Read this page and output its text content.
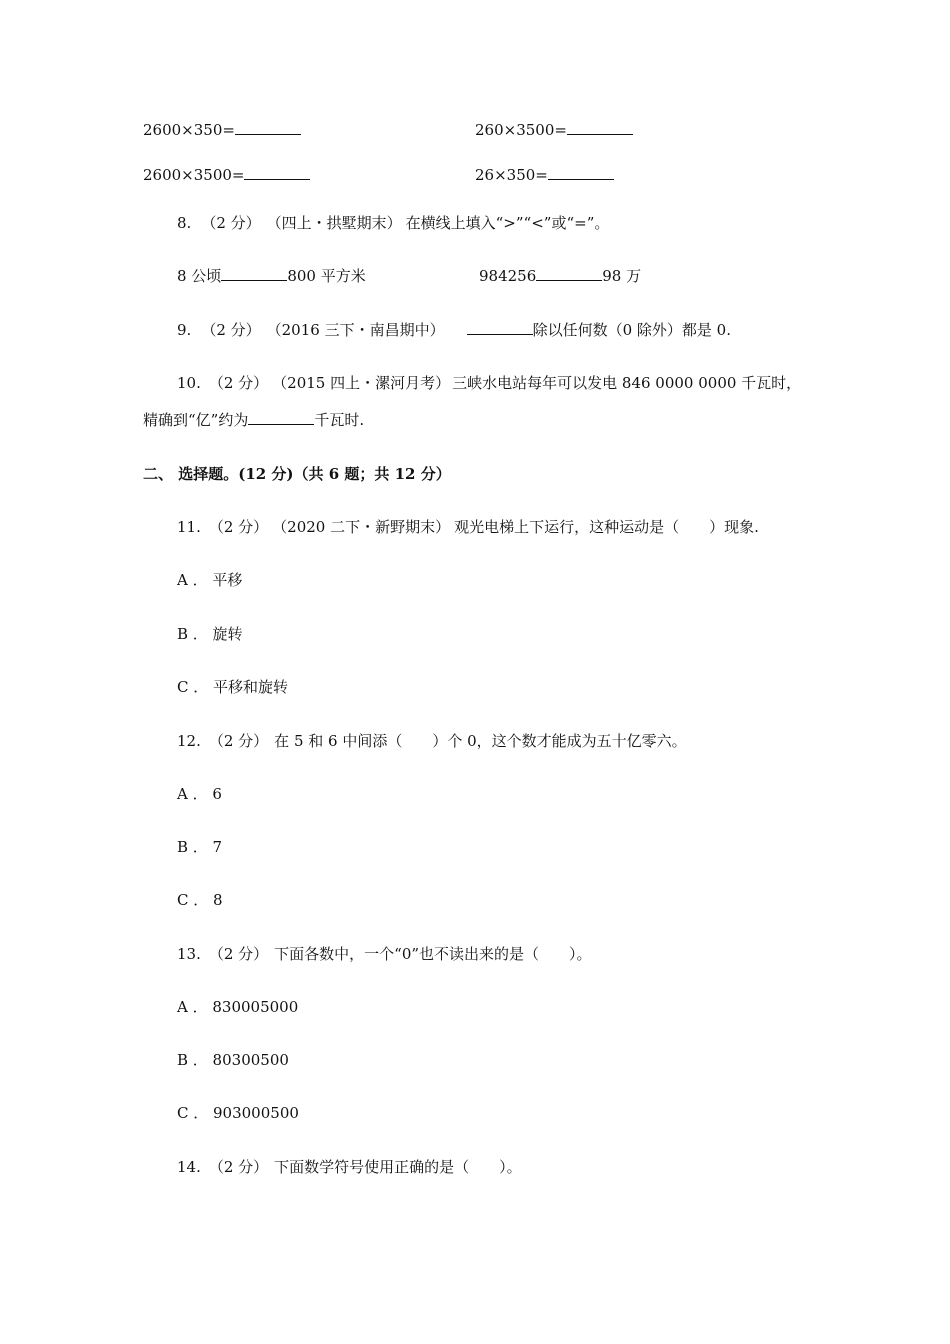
2600×350=	260×3500=
2600×3500=	26×350=
8. （2 分） （四上・拱墅期末） 在横线上填入“>”“<”或“=”。
8 公顷	800 平方米	984256	98 万
9. （2 分） （2016 三下・南昌期中）	除以任何数（0 除外）都是 0.
10. （2 分） （2015 四上・漯河月考） 三峡水电站每年可以发电 846 0000 0000 千瓦时，
精确到“亿”约为	千瓦时.
二、 选择题。(12 分)（共 6 题；共 12 分）
11. （2 分） （2020 二下・新野期末） 观光电梯上下运行，这种运动是（　　）现象.
A ． 平移
B ． 旋转
C ． 平移和旋转
12. （2 分） 在 5 和 6 中间添（　　）个 0，这个数才能成为五十亿零六。
A ． 6
B ． 7
C ． 8
13. （2 分） 下面各数中，一个“0”也不读出来的是（　　）。
A ． 830005000
B ． 80300500
C ． 903000500
14. （2 分） 下面数学符号使用正确的是（　　）。
